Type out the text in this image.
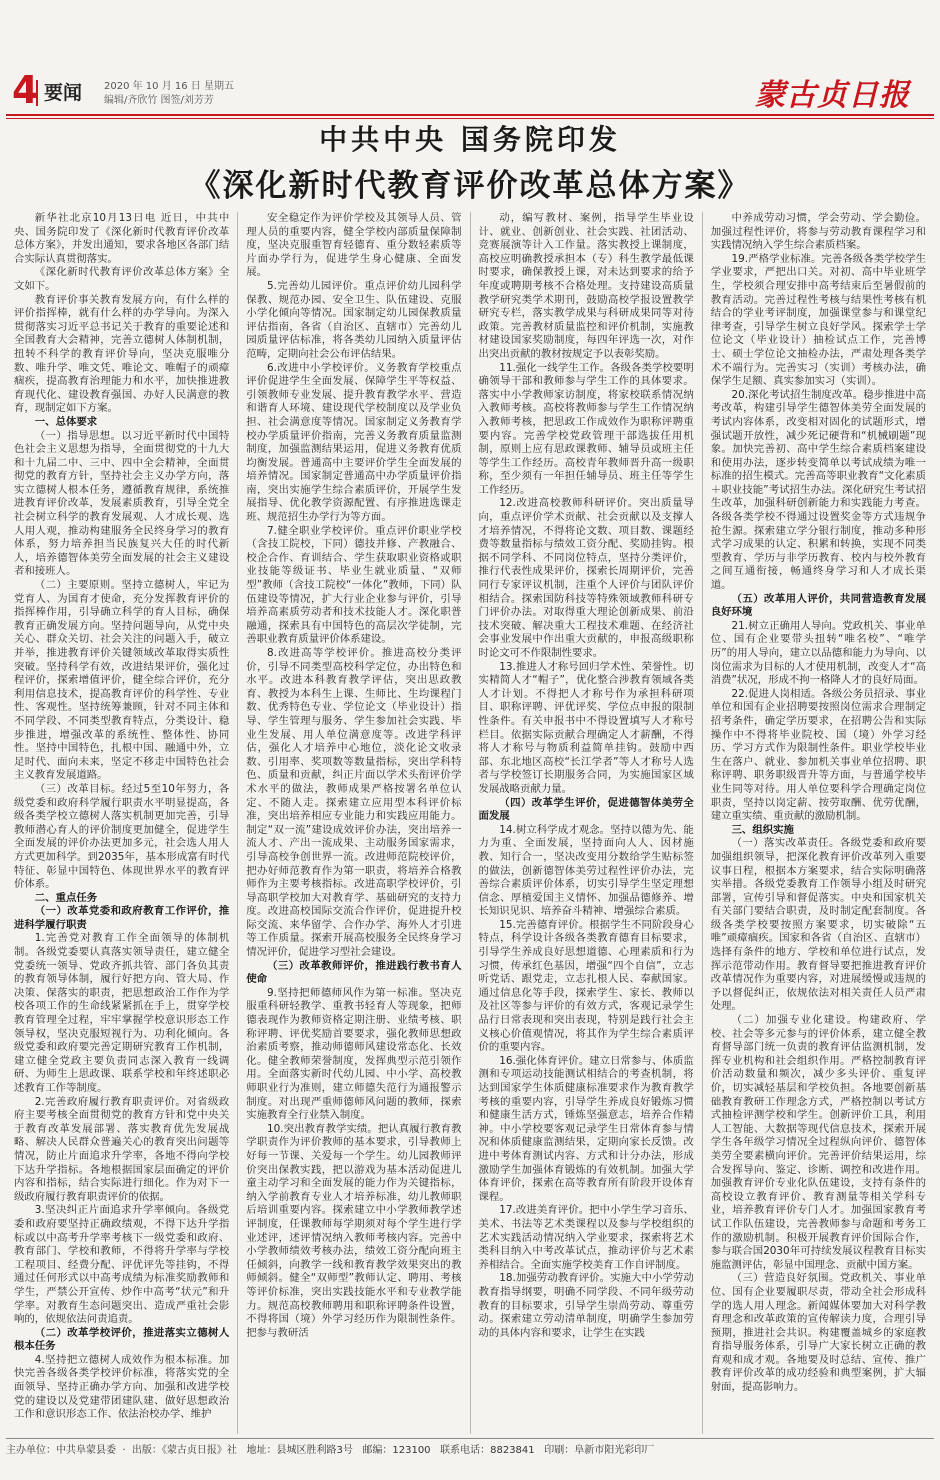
4 要闻	2020 年 10 月 16 日 星期五
编辑/齐欣竹 图签/刘芳芳	蒙古贞日报
中共中央 国务院印发
《深化新时代教育评价改革总体方案》

新华社北京10月13日电 近日，中共中央、国务院印发了《深化新时代教育评价改革总体方案》，并发出通知，要求各地区各部门结合实际认真贯彻落实。

《深化新时代教育评价改革总体方案》全文如下。

教育评价事关教育发展方向，有什么样的评价指挥棒，就有什么样的办学导向。为深入贯彻落实习近平总书记关于教育的重要论述和全国教育大会精神，完善立德树人体制机制，扭转不科学的教育评价导向，坚决克服唯分数、唯升学、唯文凭、唯论文、唯帽子的顽瘴痼疾，提高教育治理能力和水平，加快推进教育现代化、建设教育强国、办好人民满意的教育，现制定如下方案。

一、总体要求

（一）指导思想。以习近平新时代中国特色社会主义思想为指导，全面贯彻党的十九大和十九届二中、三中、四中全会精神，全面贯彻党的教育方针，坚持社会主义办学方向，落实立德树人根本任务，遵循教育规律，系统推进教育评价改革，发展素质教育，引导全党全社会树立科学的教育发展观、人才成长观、选人用人观，推动构建服务全民终身学习的教育体系，努力培养担当民族复兴大任的时代新人，培养德智体美劳全面发展的社会主义建设者和接班人。

（二）主要原则。坚持立德树人，牢记为党育人、为国育才使命，充分发挥教育评价的指挥棒作用，引导确立科学的育人目标，确保教育正确发展方向。坚持问题导向，从党中央关心、群众关切、社会关注的问题入手，破立并举，推进教育评价关键领域改革取得实质性突破。坚持科学有效，改进结果评价，强化过程评价，探索增值评价，健全综合评价，充分利用信息技术，提高教育评价的科学性、专业性、客观性。坚持统筹兼顾，针对不同主体和不同学段、不同类型教育特点，分类设计、稳步推进，增强改革的系统性、整体性、协同性。坚持中国特色，扎根中国、融通中外，立足时代、面向未来，坚定不移走中国特色社会主义教育发展道路。

（三）改革目标。经过5至10年努力，各级党委和政府科学履行职责水平明显提高，各级各类学校立德树人落实机制更加完善，引导教师潜心育人的评价制度更加健全，促进学生全面发展的评价办法更加多元，社会选人用人方式更加科学。到2035年，基本形成富有时代特征、彰显中国特色、体现世界水平的教育评价体系。

二、重点任务

（一）改革党委和政府教育工作评价，推进科学履行职责

1.完善党对教育工作全面领导的体制机制。各级党委要认真落实领导责任，建立健全党委统一领导、党政齐抓共管、部门各负其责的教育领导体制，履行好把方向、管大局、作决策、保落实的职责，把思想政治工作作为学校各项工作的生命线紧紧抓在手上，贯穿学校教育管理全过程，牢牢掌握学校意识形态工作领导权，坚决克服短视行为、功利化倾向。各级党委和政府要完善定期研究教育工作机制，建立健全党政主要负责同志深入教育一线调研、为师生上思政课、联系学校和年终述职必述教育工作等制度。

2.完善政府履行教育职责评价。对省级政府主要考核全面贯彻党的教育方针和党中央关于教育改革发展部署、落实教育优先发展战略、解决人民群众普遍关心的教育突出问题等情况，防止片面追求升学率，各地不得向学校下达升学指标。各地根据国家层面确定的评价内容和指标，结合实际进行细化。作为对下一级政府履行教育职责评价的依据。

3.坚决纠正片面追求升学率倾向。各级党委和政府要坚持正确政绩观，不得下达升学指标或以中高考升学率考核下一级党委和政府、教育部门、学校和教师，不得将升学率与学校工程项目、经费分配、评优评先等挂钩，不得通过任何形式以中高考成绩为标准奖励教师和学生，严禁公开宣传、炒作中高考“状元”和升学率。对教育生态问题突出、造成严重社会影响的，依规依法问责追责。

（二）改革学校评价，推进落实立德树人根本任务

4.坚持把立德树人成效作为根本标准。加快完善各级各类学校评价标准，将落实党的全面领导、坚持正确办学方向、加强和改进学校党的建设以及党建带团建队建、做好思想政治工作和意识形态工作、依法治校办学、维护

安全稳定作为评价学校及其领导人员、管理人员的重要内容，健全学校内部质量保障制度，坚决克服重智育轻德育、重分数轻素质等片面办学行为，促进学生身心健康、全面发展。

5.完善幼儿园评价。重点评价幼儿园科学保教、规范办园、安全卫生、队伍建设、克服小学化倾向等情况。国家制定幼儿园保教质量评估指南，各省（自治区、直辖市）完善幼儿园质量评估标准，将各类幼儿园纳入质量评估范畴，定期向社会公布评估结果。

6.改进中小学校评价。义务教育学校重点评价促进学生全面发展、保障学生平等权益、引领教师专业发展、提升教育教学水平、营造和谐育人环境、建设现代学校制度以及学业负担、社会满意度等情况。国家制定义务教育学校办学质量评价指南，完善义务教育质量监测制度，加强监测结果运用，促进义务教育优质均衡发展。普通高中主要评价学生全面发展的培养情况。国家制定普通高中办学质量评价指南，突出实施学生综合素质评价，开展学生发展指导、优化教学资源配置、有序推进选课走班、规范招生办学行为等方面。

7.健全职业学校评价。重点评价职业学校（含技工院校，下同）德技并修、产教融合、校企合作、育训结合、学生获取职业资格或职业技能等级证书、毕业生就业质量、“双师型”教师（含技工院校“一体化”教师，下同）队伍建设等情况，扩大行业企业参与评价，引导培养高素质劳动者和技术技能人才。深化职普融通，探索具有中国特色的高层次学徒制，完善职业教育质量评价体系建设。

8.改进高等学校评价。推进高校分类评价，引导不同类型高校科学定位，办出特色和水平。改进本科教育教学评估，突出思政教育、教授为本科生上课、生师比、生均课程门数、优秀特色专业、学位论文（毕业设计）指导、学生管理与服务、学生参加社会实践、毕业生发展、用人单位满意度等。改进学科评估，强化人才培养中心地位，淡化论文收录数、引用率、奖项数等数量指标，突出学科特色、质量和贡献，纠正片面以学术头衔评价学术水平的做法，教师成果严格按署名单位认定、不随人走。探索建立应用型本科评价标准，突出培养相应专业能力和实践应用能力。制定“双一流”建设成效评价办法，突出培养一流人才、产出一流成果、主动服务国家需求，引导高校争创世界一流。改进师范院校评价，把办好师范教育作为第一职责，将培养合格教师作为主要考核指标。改进高职学校评价，引导高职学校加大对教育学、基础研究的支持力度。改进高校国际交流合作评价，促进提升校际交流、来华留学、合作办学、海外人才引进等工作质量。探索开展高校服务全民终身学习情况评价，促进学习型社会建设。

（三）改革教师评价，推进践行教书育人使命

9.坚持把师德师风作为第一标准。坚决克服重科研轻教学、重教书轻育人等现象，把师德表现作为教师资格定期注册、业绩考核、职称评聘、评优奖励首要要求，强化教师思想政治素质考察，推动师德师风建设常态化、长效化。健全教师荣誉制度，发挥典型示范引领作用。全面落实新时代幼儿园、中小学、高校教师职业行为准则，建立师德失范行为通报警示制度。对出现严重师德师风问题的教师，探索实施教育全行业禁入制度。

10.突出教育教学实绩。把认真履行教育教学职责作为评价教师的基本要求，引导教师上好每一节课、关爱每一个学生。幼儿园教师评价突出保教实践，把以游戏为基本活动促进儿童主动学习和全面发展的能力作为关键指标，纳入学前教育专业人才培养标准，幼儿教师职后培训重要内容。探索建立中小学教师教学述评制度，任课教师每学期须对每个学生进行学业述评，述评情况纳入教师考核内容。完善中小学教师绩效考核办法，绩效工资分配向班主任倾斜，向教学一线和教育教学效果突出的教师倾斜。健全“双师型”教师认定、聘用、考核等评价标准，突出实践技能水平和专业教学能力。规范高校教师聘用和职称评聘条件设置，不得将国（境）外学习经历作为限制性条件。把参与教研活

动，编写教材、案例，指导学生毕业设计、就业、创新创业、社会实践、社团活动、竞赛展演等计入工作量。落实教授上课制度，高校应明确教授承担本（专）科生教学最低课时要求，确保教授上课，对未达到要求的给予年度或聘期考核不合格处理。支持建设高质量教学研究类学术期刊，鼓励高校学报设置教学研究专栏，落实教学成果与科研成果同等对待政策。完善教材质量监控和评价机制，实施教材建设国家奖励制度，每四年评选一次，对作出突出贡献的教材按规定予以表彰奖励。

11.强化一线学生工作。各级各类学校要明确领导干部和教师参与学生工作的具体要求。落实中小学教师家访制度，将家校联系情况纳入教师考核。高校将教师参与学生工作情况纳入教师考核，把思政工作成效作为职称评聘重要内容。完善学校党政管理干部选拔任用机制，原则上应有思政课教师、辅导员或班主任等学生工作经历。高校青年教师晋升高一级职称，至少须有一年担任辅导员、班主任等学生工作经历。

12.改进高校教师科研评价。突出质量导向，重点评价学术贡献、社会贡献以及支撑人才培养情况，不得将论文数、项目数、课题经费等数量指标与绩效工资分配、奖励挂钩。根据不同学科、不同岗位特点，坚持分类评价，推行代表性成果评价，探索长周期评价，完善同行专家评议机制，注重个人评价与团队评价相结合。探索国防科技等特殊领域教师科研专门评价办法。对取得重大理论创新成果、前沿技术突破、解决重大工程技术难题、在经济社会事业发展中作出重大贡献的，申报高级职称时论文可不作限制性要求。

13.推进人才称号回归学术性、荣誉性。切实精简人才“帽子”，优化整合涉教育领域各类人才计划。不得把人才称号作为承担科研项目、职称评聘、评优评奖、学位点申报的限制性条件。有关申报书中不得设置填写人才称号栏目。依据实际贡献合理确定人才薪酬，不得将人才称号与物质利益简单挂钩。鼓励中西部、东北地区高校“长江学者”等人才称号人选者与学校签订长期服务合同，为实施国家区域发展战略贡献力量。

（四）改革学生评价，促进德智体美劳全面发展

14.树立科学成才观念。坚持以德为先、能力为重、全面发展，坚持面向人人、因材施教、知行合一，坚决改变用分数给学生贴标签的做法，创新德智体美劳过程性评价办法，完善综合素质评价体系，切实引导学生坚定理想信念、厚植爱国主义情怀、加强品德修养、增长知识见识、培养奋斗精神、增强综合素质。

15.完善德育评价。根据学生不同阶段身心特点，科学设计各级各类教育德育目标要求，引导学生养成良好思想道德、心理素质和行为习惯，传承红色基因，增强“四个自信”，立志听党话、跟党走，立志扎根人民、奉献国家。通过信息化等手段，探索学生、家长、教师以及社区等参与评价的有效方式，客观记录学生品行日常表现和突出表现，特别是践行社会主义核心价值观情况，将其作为学生综合素质评价的重要内容。

16.强化体育评价。建立日常参与、体质监测和专项运动技能测试相结合的考查机制，将达到国家学生体质健康标准要求作为教育教学考核的重要内容，引导学生养成良好锻炼习惯和健康生活方式，锤炼坚强意志，培养合作精神。中小学校要客观记录学生日常体育参与情况和体质健康监测结果，定期向家长反馈。改进中考体育测试内容、方式和计分办法，形成激励学生加强体育锻炼的有效机制。加强大学体育评价，探索在高等教育所有阶段开设体育课程。

17.改进美育评价。把中小学生学习音乐、美术、书法等艺术类课程以及参与学校组织的艺术实践活动情况纳入学业要求，探索将艺术类科目纳入中考改革试点，推动评价与艺术素养相结合。全面实施学校美育工作自评制度。

18.加强劳动教育评价。实施大中小学劳动教育指导纲要，明确不同学段、不同年级劳动教育的目标要求，引导学生崇尚劳动、尊重劳动。探索建立劳动清单制度，明确学生参加劳动的具体内容和要求，让学生在实践

中养成劳动习惯，学会劳动、学会勤俭。加强过程性评价，将参与劳动教育课程学习和实践情况纳入学生综合素质档案。

19.严格学业标准。完善各级各类学校学生学业要求，严把出口关。对初、高中毕业班学生，学校须合理安排中高考结束后至暑假前的教育活动。完善过程性考核与结果性考核有机结合的学业考评制度，加强课堂参与和课堂纪律考查，引导学生树立良好学风。探索学士学位论文（毕业设计）抽检试点工作，完善博士、硕士学位论文抽检办法，严肃处理各类学术不端行为。完善实习（实训）考核办法，确保学生足额、真实参加实习（实训）。

20.深化考试招生制度改革。稳步推进中高考改革，构建引导学生德智体美劳全面发展的考试内容体系，改变相对固化的试题形式，增强试题开放性，减少死记硬背和“机械刷题”现象。加快完善初、高中学生综合素质档案建设和使用办法，逐步转变简单以考试成绩为唯一标准的招生模式。完善高等职业教育“文化素质＋职业技能”考试招生办法。深化研究生考试招生改革，加强科研创新能力和实践能力考查。各级各类学校不得通过设置奖金等方式违规争抢生源。探索建立学分银行制度，推动多种形式学习成果的认定、积累和转换，实现不同类型教育、学历与非学历教育、校内与校外教育之间互通衔接，畅通终身学习和人才成长渠道。

（五）改革用人评价，共同营造教育发展良好环境

21.树立正确用人导向。党政机关、事业单位、国有企业要带头扭转“唯名校”、“唯学历”的用人导向，建立以品德和能力为导向、以岗位需求为目标的人才使用机制，改变人才“高消费”状况，形成不拘一格降人才的良好局面。

22.促进人岗相适。各级公务员招录、事业单位和国有企业招聘要按照岗位需求合理制定招考条件，确定学历要求，在招聘公告和实际操作中不得将毕业院校、国（境）外学习经历、学习方式作为限制性条件。职业学校毕业生在落户、就业、参加机关事业单位招聘、职称评聘、职务职级晋升等方面，与普通学校毕业生同等对待。用人单位要科学合理确定岗位职责，坚持以岗定薪、按劳取酬、优劳优酬，建立重实绩、重贡献的激励机制。

三、组织实施

（一）落实改革责任。各级党委和政府要加强组织领导，把深化教育评价改革列入重要议事日程，根据本方案要求，结合实际明确落实举措。各级党委教育工作领导小组及时研究部署，宣传引导和督促落实。中央和国家机关有关部门要结合职责，及时制定配套制度。各级各类学校要按照方案要求，切实破除“五唯”顽瘴痼疾。国家和各省（自治区、直辖市）选择有条件的地方、学校和单位进行试点，发挥示范带动作用。教育督导要把推进教育评价改革情况作为重要内容，对进展缓慢或违规的予以督促纠正，依规依法对相关责任人员严肃处理。

（二）加强专业化建设。构建政府、学校、社会等多元参与的评价体系，建立健全教育督导部门统一负责的教育评估监测机制，发挥专业机构和社会组织作用。严格控制教育评价活动数量和频次，减少多头评价、重复评价，切实减轻基层和学校负担。各地要创新基础教育教研工作理念方式，严格控制以考试方式抽检评测学校和学生。创新评价工具，利用人工智能、大数据等现代信息技术，探索开展学生各年级学习情况全过程纵向评价、德智体美劳全要素横向评价。完善评价结果运用，综合发挥导向、鉴定、诊断、调控和改进作用。加强教育评价专业化队伍建设，支持有条件的高校设立教育评价、教育测量等相关学科专业，培养教育评价专门人才。加强国家教育考试工作队伍建设，完善教师参与命题和考务工作的激励机制。积极开展教育评价国际合作，参与联合国2030年可持续发展议程教育目标实施监测评估，彰显中国理念、贡献中国方案。

（三）营造良好氛围。党政机关、事业单位、国有企业要履职尽责，带动全社会形成科学的选人用人理念。新闻媒体要加大对科学教育理念和改革政策的宣传解读力度，合理引导预期，推进社会共识。构建覆盖城乡的家庭教育指导服务体系，引导广大家长树立正确的教育观和成才观。各地要及时总结、宣传、推广教育评价改革的成功经验和典型案例，扩大辐射面，提高影响力。

主办单位：中共阜蒙县委  ·  出版：《蒙古贞日报》社 地址：县城区胜利路3号 邮编：123100 联系电话：8823841 印刷：阜新市阳光彩印厂
